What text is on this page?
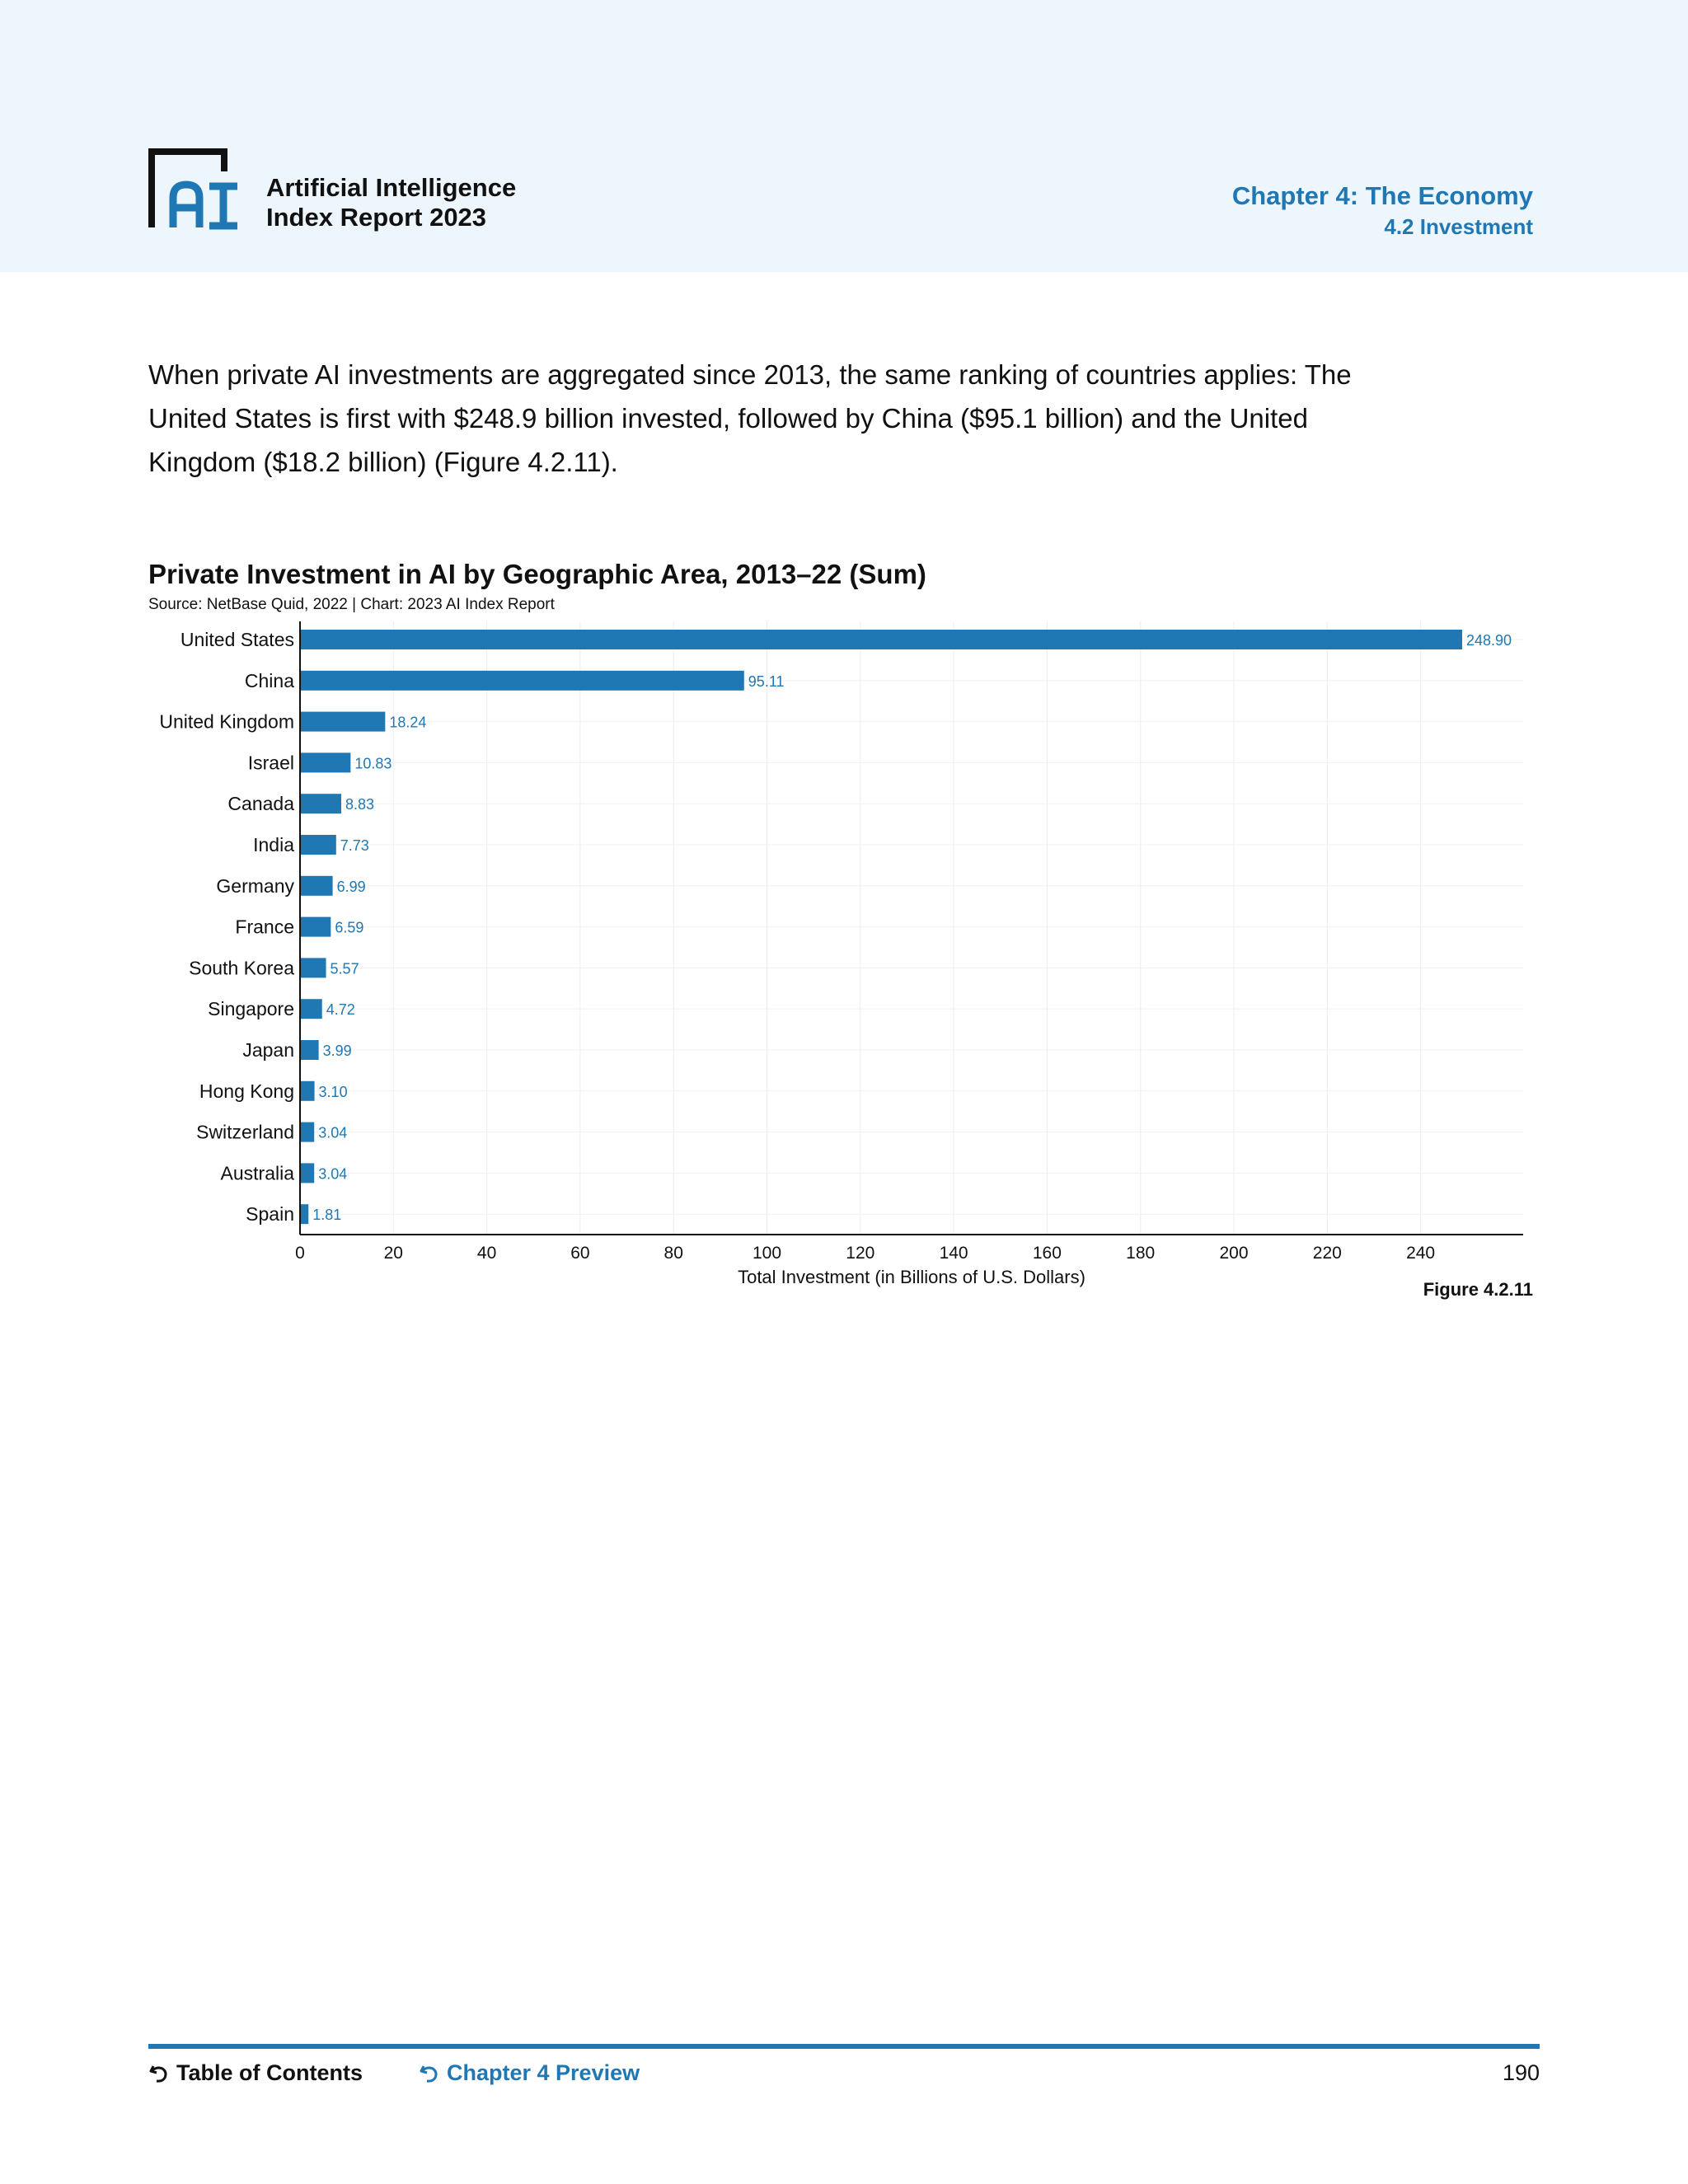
Artificial Intelligence
Index Report 2023
Chapter 4: The Economy
4.2 Investment
When private AI investments are aggregated since 2013, the same ranking of countries applies: The United States is first with $248.9 billion invested, followed by China ($95.1 billion) and the United Kingdom ($18.2 billion) (Figure 4.2.11).
Private Investment in AI by Geographic Area, 2013–22 (Sum)
Source: NetBase Quid, 2022 | Chart: 2023 AI Index Report
United States	248.90
China	95.11
United Kingdom	18.24
Israel	10.83
Canada	8.83
India	7.73
Germany	6.99
France	6.59
South Korea 5.57
Singapore 4.72
Japan 3.99
Hong Kong 3.10
Switzerland 3.04
Australia 3.04
Spain 1.81
0	20	40	60	80	100	120	140	160	180	200	220	240
Total Investment (in Billions of U.S. Dollars)
Figure 4.2.11
Table of Contents	Chapter 4 Preview	190
